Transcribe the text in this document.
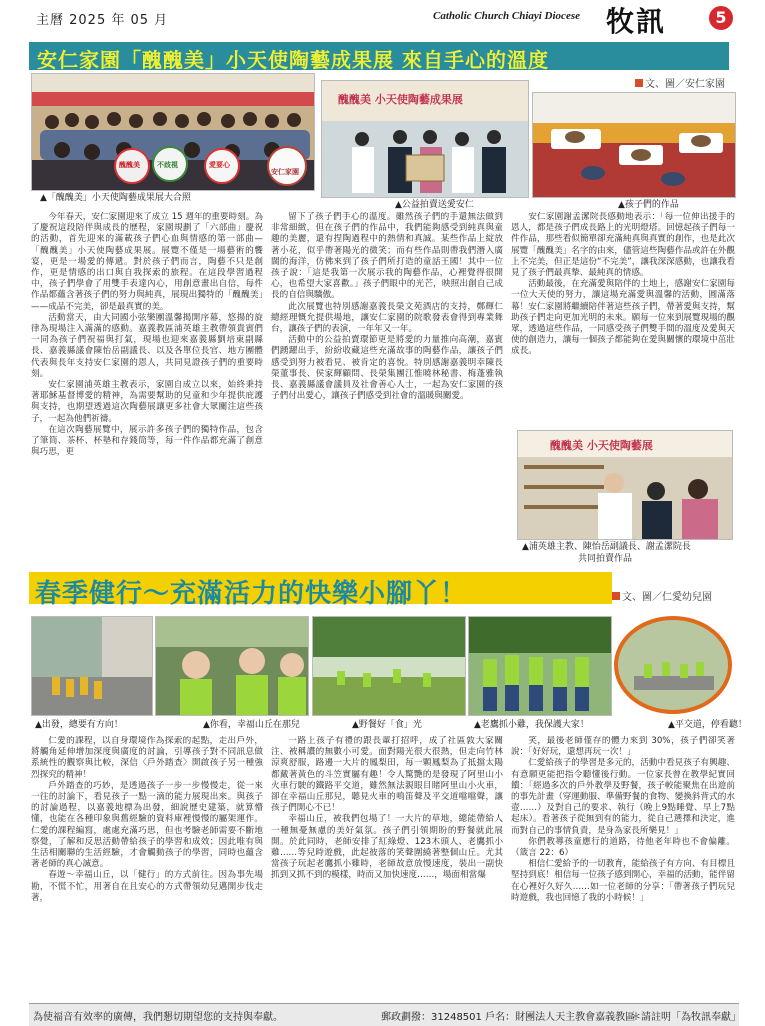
主曆 2025 年 05 月	Catholic Church Chiayi Diocese 牧訊	5
安仁家園「醜醜美」小天使陶藝成果展 來自手心的溫度
醜醜美 不歧視	愛要心
安仁家園
▲「醜醜美」小天使陶藝成果展大合照
醜醜美 小天使陶藝成果展
▲公益拍賣送愛安仁	▲孩子們的作品
文、圖／安仁家園

今年春天，安仁家園迎來了成立 15 週年的重要時刻。為了慶祝這段陪伴與成長的歷程，家園規劃了「六部曲」慶祝的活動，首先迎來的滿載孩子們心血與情感的第一部曲—「醜醜美」小天使陶藝成果展。展覽不僅是一場藝術的饗宴，更是一場愛的傳遞。對於孩子們而言，陶藝不只是創作，更是情感的出口與自我探索的旅程。在這段學習過程中，孩子們學會了用雙手表達內心，用創意畫出自信，每件作品都蘊含著孩子們的努力與純真，展現出獨特的「醜醜美」——成品不完美，卻是最真實的美。

活動當天，由大同國小弦樂團溫馨揭開序幕，悠揚的旋律為現場注入滿滿的感動。嘉義教區浦英雄主教帶領貴賓們一同為孩子們祝福與打氣，現場也迎來嘉義縣劉培東副縣長、嘉義縣議會陳怡岳副議長、以及各單位長官、地方團體代表與長年支持安仁家園的恩人，共同見證孩子們的重要時刻。

安仁家園浦英雄主教表示，家園自成立以來，始終秉持著耶穌基督博愛的精神，為需要幫助的兒童和少年提供庇護與支持，也期望透過這次陶藝展讓更多社會大眾關注這些孩子，一起為他們祈禱。

在這次陶藝展覽中，展示許多孩子們的獨特作品，包含了筆筒、茶杯、杯墊和存錢筒等，每一件作品都充滿了創意與巧思，更

留下了孩子們手心的溫度。雖然孩子們的手還無法做到非常細緻，但在孩子們的作品中，我們能夠感受到純真與童趣的美麗，還有捏陶過程中的熱情和真誠。某些作品上綻放著小花，似乎帶著陽光的微笑；而有些作品則帶我們潛入廣闊的海洋，仿佛來到了孩子們所打造的童話王國！其中一位孩子說：「這是我第一次展示我的陶藝作品，心裡覺得很開心，也希望大家喜歡。」孩子們眼中的光芒，映照出創自己成長的自信與驕傲。

此次展覽也特別感謝嘉義長榮文苑酒店的支持，鄭輝仁總經理慨允提供場地，讓安仁家園的院歌發表會得到專業舞台，讓孩子們的表演，一年年又一年。

活動中的公益拍賣環節更是將愛的力量推向高潮，嘉賓們踴躍出手，紛紛收藏這些充滿故事的陶藝作品，讓孩子們感受到努力被看見、被肯定的喜悅。特別感謝嘉義明幸陳長榮董事長、侯家輝顧問、長榮集團江惟曉林秘書、梅蓬雅執長、嘉義縣議會議員及社會善心人士，一起為安仁家園的孩子們付出愛心，讓孩子們感受到社會的溫暖與關愛。

安仁家園謝孟潔院長感動地表示：「每一位伸出援手的恩人，都是孩子們成長路上的光明燈塔。回憶起孩子們每一件作品，那些看似簡單卻充滿純真與真實的創作，也是此次展覽「醜醜美」名字的由來，儘管這些陶藝作品或許在外觀上不完美，但正是這份“不完美”，讓我深深感動，也讓我看見了孩子們最真摯、最純真的情感。

活動最後，在充滿愛與陪伴的土地上，感謝安仁家園每一位大天使的努力，讓這場充滿愛與溫馨的活動，圓滿落幕！安仁家園將繼續陪伴著這些孩子們，帶著愛與支持，幫助孩子們走向更加光明的未來。願每一位來到展覽現場的觀眾，透過這些作品，一同感受孩子們雙手間的溫度及愛與天使的創造力，讓每一個孩子都能夠在愛與關懷的環境中茁壯成長。

醜醜美 小天使陶藝展
▲浦英雄主教、陳怡岳副議長、謝孟潔院長
共同拍賣作品
春季健行～充滿活力的快樂小腳丫！	文、圖／仁愛幼兒園
▲出發，總要有方向！	▲你看，幸福山丘在那兒	▲野餐好「食」光	▲老鷹抓小雞，我保護大家！	▲平交道，停看聽！

仁愛的課程，以自身環境作為探索的起點，走出戶外，將觸角延伸增加深度與廣度的討論，引導孩子對不同訊息做系統性的觀察與比較，深信〈戶外踏查〉開啟孩子另一種強烈探究的精神！

戶外踏查的巧妙，是透過孩子一步一步慢慢走，從一來一往的討論下，看見孩子一點一滴的能力展現出來。與孩子的討論過程，以嘉義地標為出發，細說歷史建築，就算懵懂，也能在各種印象與舊經驗的資料庫裡慢慢的屬架運作。仁愛的課程編寫，處處充滿巧思，但也考驗老師需要不斷地察覺，了解和反思活動帶給孩子的學習和成效；因此唯有與生活相關聯的生活經驗，才會觸動孩子的學習，同時也蘊含著老師的真心誠意。

春遊～幸福山丘，以「健行」的方式前往。因為事先場勘，不慌不忙，用著自在且安心的方式帶領幼兒邁開步伐走著，

一路上孩子有禮的跟長輩打招呼，成了社區敦大家關注、被稱讚的無數小可愛。面對陽光很大很熱，但走向竹林涼爽舒服，路邊一大片的鳳梨田，每一顆鳳梨為了抵擋太陽都戴著黃色的斗笠實屬有趣！令人驚艷的是發現了阿里山小火車行駛的鐵路平交道，雖然無法親眼目睹阿里山小火車，卻在幸福山丘那兒，聽見火車的鳴笛聲及平交道噹噹聲，讓孩子們開心不已！

幸福山丘，被我們包場了！一大片的草地，總能帶給人一種無憂無慮的美好氣氛。孩子們引領期盼的野餐就此展開。於此同時，老師安排了紅綠燈、123木頭人、老鷹抓小雞……等兒時遊戲，此起彼落的笑聲圍繞著整個山丘。尤其當孩子玩起老鷹抓小雞時，老師故意放慢速度，裝出一副快抓到又抓不到的模樣，時而又加快速度……，場面相當爆

笑，最後老師僅存的體力來到 30%，孩子們卻笑著說：「好好玩，還想再玩一次！」

仁愛給孩子的學習是多元的，活動中看見孩子有興趣、有意願更能把指令聽懂後行動。一位家長曾在教學紀實回饋：「經過多次的戶外教學及野餐，孩子較能聚焦在出遊前的事先計畫（穿運動服、準備野餐的食物、變換斜背式的水壺……）及對自己的要求、執行（晚上9點睡覺、早上7點起床）。看著孩子從無到有的能力，從自己選擇和決定，進而對自己的事情負責，是身為家長所樂見！」

你們教導孩童應行的道路，待他老年時也不會偏離。（箴言 22：6）

相信仁愛給予的一切教育，能給孩子有方向、有目標且堅持到底！相信每一位孩子感到開心，幸福的活動，能伴留在心裡好久好久……如一位老師的分享：「帶著孩子們玩兒時遊戲，我也回憶了我的小時候！」

為使福音有效率的廣傳，我們懇切期望您的支持與奉獻。	郵政劃撥：31248501 戶名：財團法人天主教會嘉義教區
＊請註明「為牧訊奉獻」
